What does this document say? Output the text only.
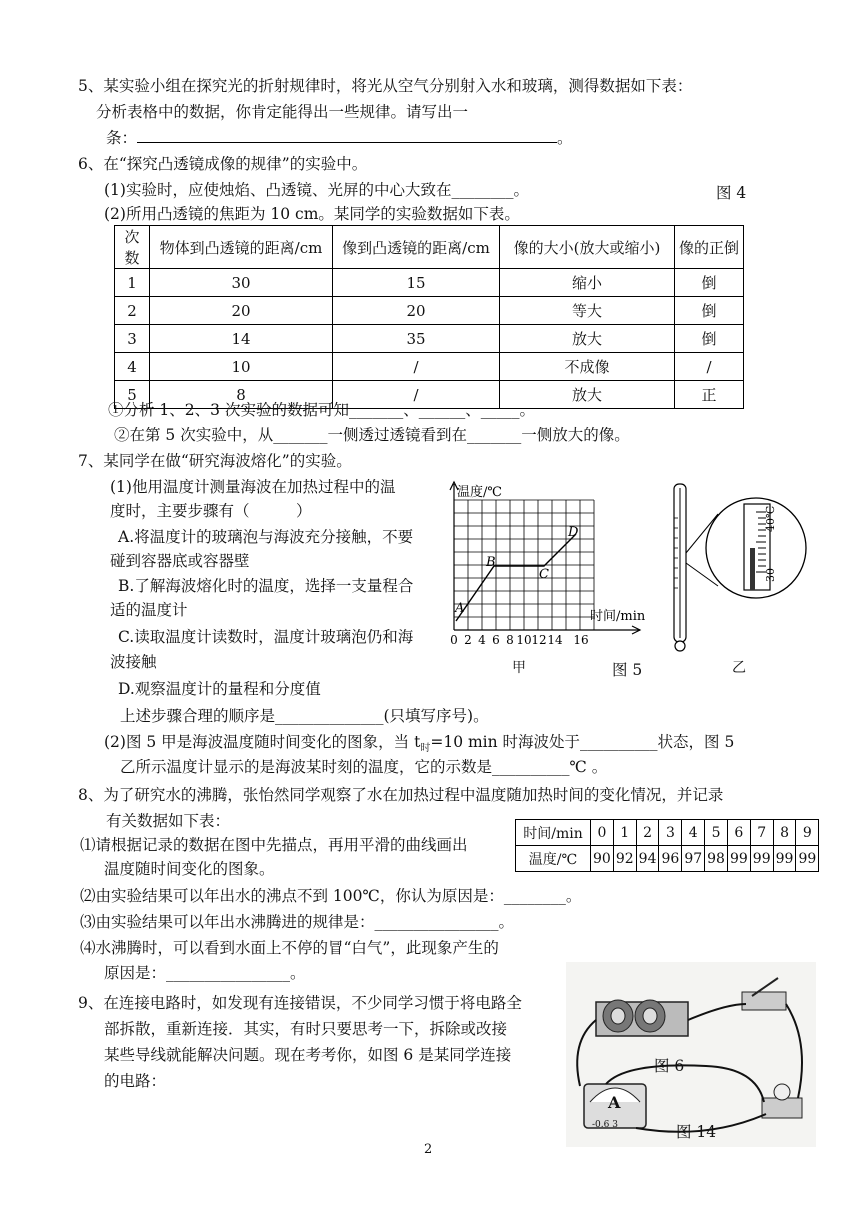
5、某实验小组在探究光的折射规律时，将光从空气分别射入水和玻璃，测得数据如下表：
分析表格中的数据，你肯定能得出一些规律。请写出一
条：	。
6、在“探究凸透镜成像的规律”的实验中。
(1)实验时，应使烛焰、凸透镜、光屏的中心大致在________。	图 4
(2)所用凸透镜的焦距为 10 cm。某同学的实验数据如下表。
次数	物体到凸透镜的距离/cm	像到凸透镜的距离/cm	像的大小(放大或缩小)	像的正倒
1	30	15	缩小	倒
2	20	20	等大	倒
3	14	35	放大	倒
4	10	/	不成像	/
5	8	/	放大	正
①分析 1、2、3 次实验的数据可知_______、______、_____。
②在第 5 次实验中，从_______一侧透过透镜看到在_______一侧放大的像。
7、某同学在做“研究海波熔化”的实验。
(1)他用温度计测量海波在加热过程中的温
度时，主要步骤有（　　　）
A.将温度计的玻璃泡与海波充分接触，不要
碰到容器底或容器壁
B.了解海波熔化时的温度，选择一支量程合
适的温度计
C.读取温度计读数时，温度计玻璃泡仍和海
波接触
D.观察温度计的量程和分度值
上述步骤合理的顺序是______________(只填写序号)。
(2)图 5 甲是海波温度随时间变化的图象，当 $t_时=10$ min 时海波处于__________状态，图 5
乙所示温度计显示的是海波某时刻的温度，它的示数是__________℃ 。
温度/℃
时间/min
A
B
C
D
0 2 4 6 8 10 12 14 16
甲	图 5	乙
40℃
30
8、为了研究水的沸腾，张怡然同学观察了水在加热过程中温度随加热时间的变化情况，并记录
有关数据如下表：
⑴请根据记录的数据在图中先描点，再用平滑的曲线画出
温度随时间变化的图象。
⑵由实验结果可以年出水的沸点不到 100℃，你认为原因是：________。
⑶由实验结果可以年出水沸腾进的规律是：________________。
⑷水沸腾时，可以看到水面上不停的冒“白气”，此现象产生的
原因是：________________。
时间/min	0	1	2	3	4	5	6	7	8	9
温度/℃	90	92	94	96	97	98	99	99	99	99
9、在连接电路时，如发现有连接错误，不少同学习惯于将电路全
部拆散，重新连接．其实，有时只要思考一下，拆除或改接
某些导线就能解决问题。现在考考你，如图 6 是某同学连接
的电路：
A
-0.6 3
图 6
图 14
2
